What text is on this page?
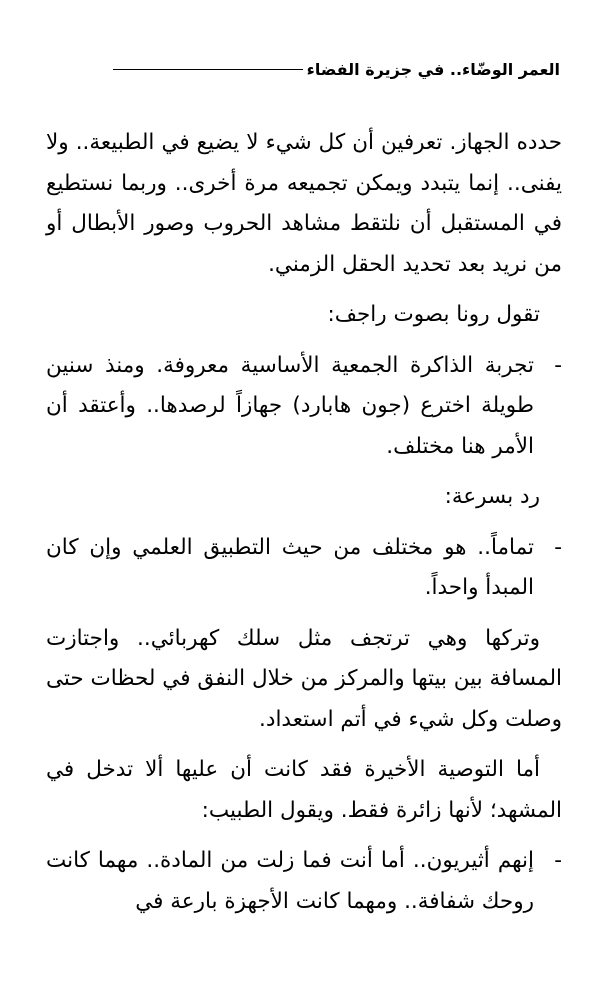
العمر الوضّاء.. في جزيرة الفضاء

حدده الجهاز. تعرفين أن كل شيء لا يضيع في الطبيعة.. ولا يفنى.. إنما يتبدد ويمكن تجميعه مرة أخرى.. وربما نستطيع في المستقبل أن نلتقط مشاهد الحروب وصور الأبطال أو من نريد بعد تحديد الحقل الزمني.

تقول رونا بصوت راجف:

-تجربة الذاكرة الجمعية الأساسية معروفة. ومنذ سنين طويلة اخترع (جون هابارد) جهازاً لرصدها.. وأعتقد أن الأمر هنا مختلف.

رد بسرعة:

-تماماً.. هو مختلف من حيث التطبيق العلمي وإن كان المبدأ واحداً.

وتركها وهي ترتجف مثل سلك كهربائي.. واجتازت المسافة بين بيتها والمركز من خلال النفق في لحظات حتى وصلت وكل شيء في أتم استعداد.

أما التوصية الأخيرة فقد كانت أن عليها ألا تدخل في المشهد؛ لأنها زائرة فقط. ويقول الطبيب:

-إنهم أثيريون.. أما أنت فما زلت من المادة.. مهما كانت روحك شفافة.. ومهما كانت الأجهزة بارعة في
